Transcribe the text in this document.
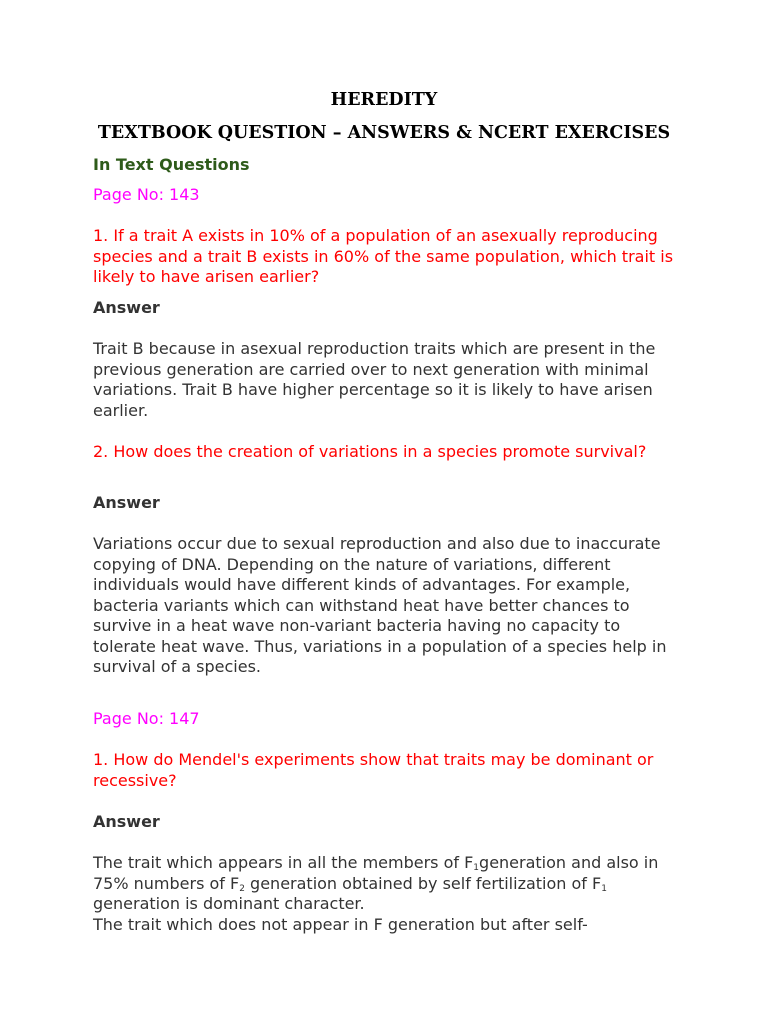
HEREDITY

TEXTBOOK QUESTION – ANSWERS & NCERT EXERCISES

In Text Questions

Page No: 143

1. If a trait A exists in 10% of a population of an asexually reproducing species and a trait B exists in 60% of the same population, which trait is likely to have arisen earlier?

Answer

Trait B because in asexual reproduction traits which are present in the previous generation are carried over to next generation with minimal variations. Trait B have higher percentage so it is likely to have arisen earlier.

2. How does the creation of variations in a species promote survival?

Answer

Variations occur due to sexual reproduction and also due to inaccurate copying of DNA. Depending on the nature of variations, different individuals would have different kinds of advantages. For example, bacteria variants which can withstand heat have better chances to survive in a heat wave non-variant bacteria having no capacity to tolerate heat wave. Thus, variations in a population of a species help in survival of a species.

Page No: 147

1. How do Mendel's experiments show that traits may be dominant or recessive?

Answer

The trait which appears in all the members of $F_1generation$ and also in 75% numbers of $F_2$ generation obtained by self fertilization of $F_1$ generation is dominant character.
The trait which does not appear in F generation but after self-
